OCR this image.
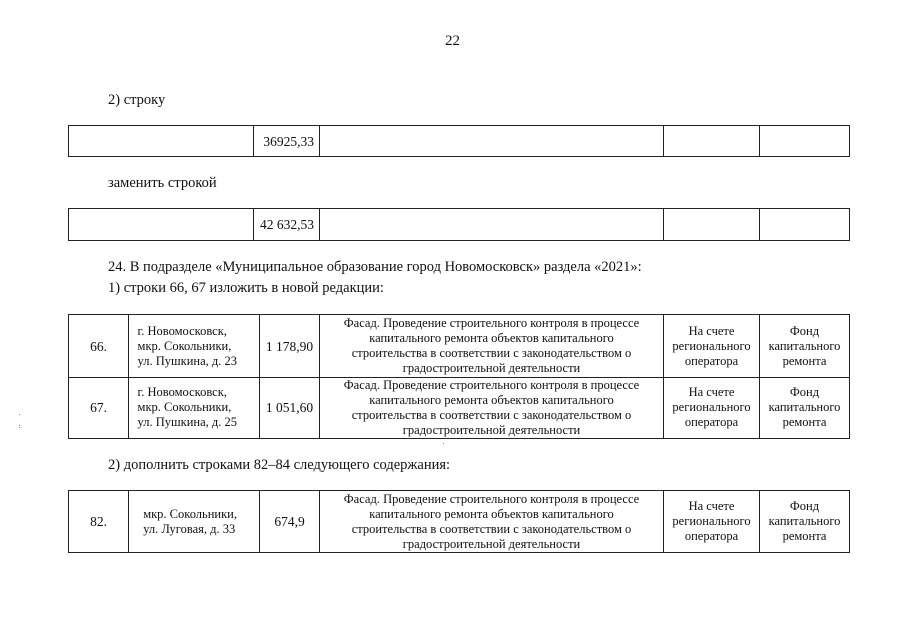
22
2) строку
36925,33
заменить строкой
42 632,53
24. В подразделе «Муниципальное образование город Новомосковск» раздела «2021»:
1) строки 66, 67 изложить в новой редакции:
66.
г. Новомосковск,
мкр. Сокольники,
ул. Пушкина, д. 23
1 178,90
Фасад. Проведение строительного контроля в процессе
капитального ремонта объектов капитального
строительства в соответствии с законодательством о
градостроительной деятельности
На счете
регионального
оператора
Фонд
капитального
ремонта
67.
г. Новомосковск,
мкр. Сокольники,
ул. Пушкина, д. 25
1 051,60
Фасад. Проведение строительного контроля в процессе
капитального ремонта объектов капитального
строительства в соответствии с законодательством о
градостроительной деятельности
На счете
регионального
оператора
Фонд
капитального
ремонта
2) дополнить строками 82–84 следующего содержания:
82.
мкр. Сокольники,
ул. Луговая, д. 33	674,9
Фасад. Проведение строительного контроля в процессе
капитального ремонта объектов капитального
строительства в соответствии с законодательством о
градостроительной деятельности
На счете
регионального
оператора
Фонд
капитального
ремонта
